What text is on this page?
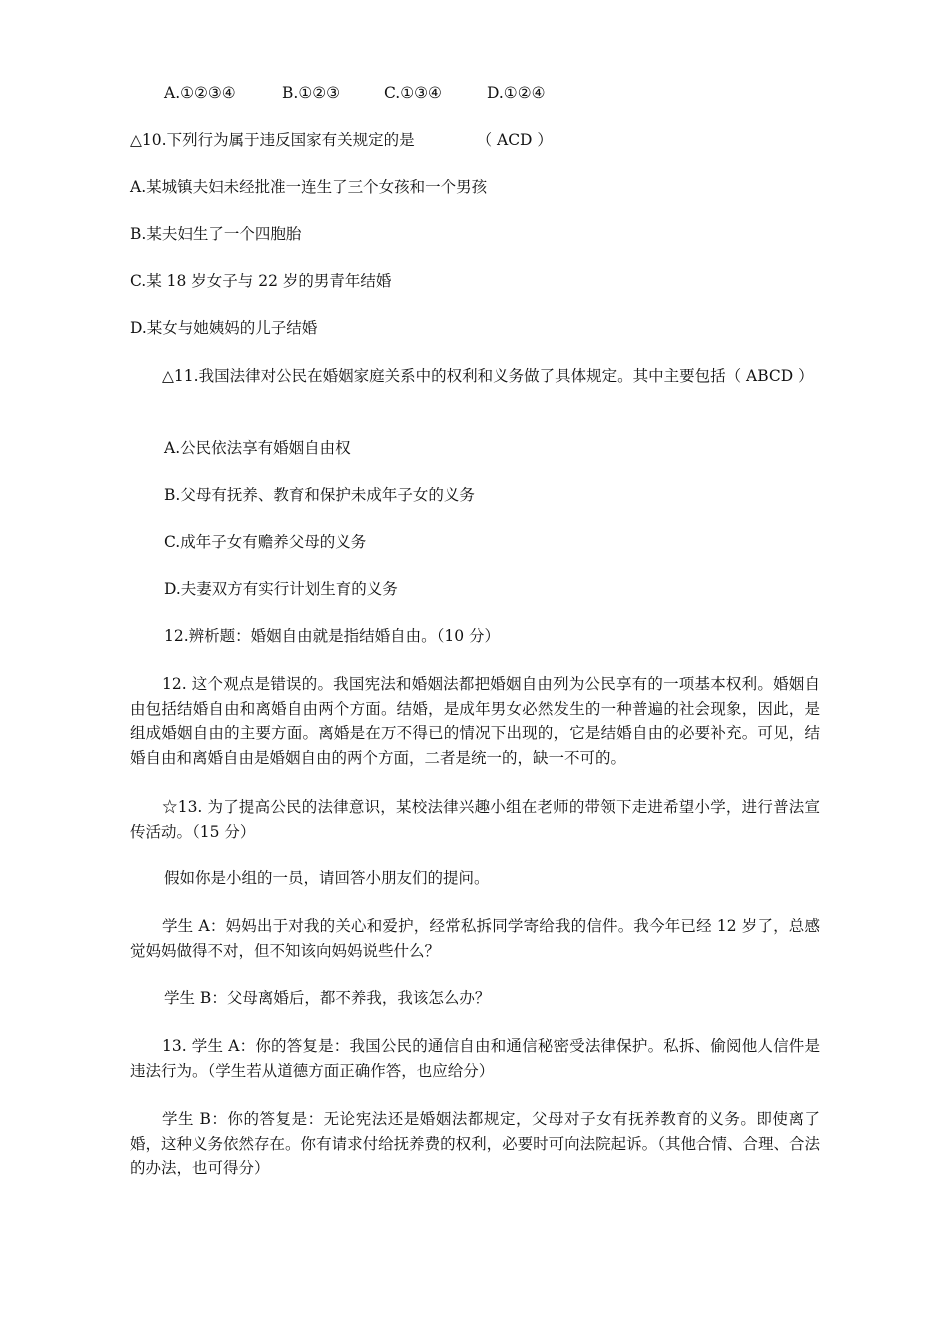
A.①②③④	B.①②③	C.①③④	D.①②④
△10.下列行为属于违反国家有关规定的是	（ ACD ）
A.某城镇夫妇未经批准一连生了三个女孩和一个男孩
B.某夫妇生了一个四胞胎
C.某 18 岁女子与 22 岁的男青年结婚
D.某女与她姨妈的儿子结婚

△11.我国法律对公民在婚姻家庭关系中的权利和义务做了具体规定。其中主要包括（ ABCD ）

A.公民依法享有婚姻自由权
B.父母有抚养、教育和保护未成年子女的义务
C.成年子女有赡养父母的义务
D.夫妻双方有实行计划生育的义务
12.辨析题：婚姻自由就是指结婚自由。（10 分）

12. 这个观点是错误的。我国宪法和婚姻法都把婚姻自由列为公民享有的一项基本权利。婚姻自由包括结婚自由和离婚自由两个方面。结婚，是成年男女必然发生的一种普遍的社会现象，因此，是组成婚姻自由的主要方面。离婚是在万不得已的情况下出现的，它是结婚自由的必要补充。可见，结婚自由和离婚自由是婚姻自由的两个方面，二者是统一的，缺一不可的。

☆13. 为了提高公民的法律意识，某校法律兴趣小组在老师的带领下走进希望小学，进行普法宣传活动。（15 分）

假如你是小组的一员，请回答小朋友们的提问。

学生 A：妈妈出于对我的关心和爱护，经常私拆同学寄给我的信件。我今年已经 12 岁了，总感觉妈妈做得不对，但不知该向妈妈说些什么？

学生 B：父母离婚后，都不养我，我该怎么办？

13. 学生 A：你的答复是：我国公民的通信自由和通信秘密受法律保护。私拆、偷阅他人信件是违法行为。（学生若从道德方面正确作答，也应给分）

学生 B：你的答复是：无论宪法还是婚姻法都规定，父母对子女有抚养教育的义务。即使离了婚，这种义务依然存在。你有请求付给抚养费的权利，必要时可向法院起诉。（其他合情、合理、合法的办法，也可得分）
